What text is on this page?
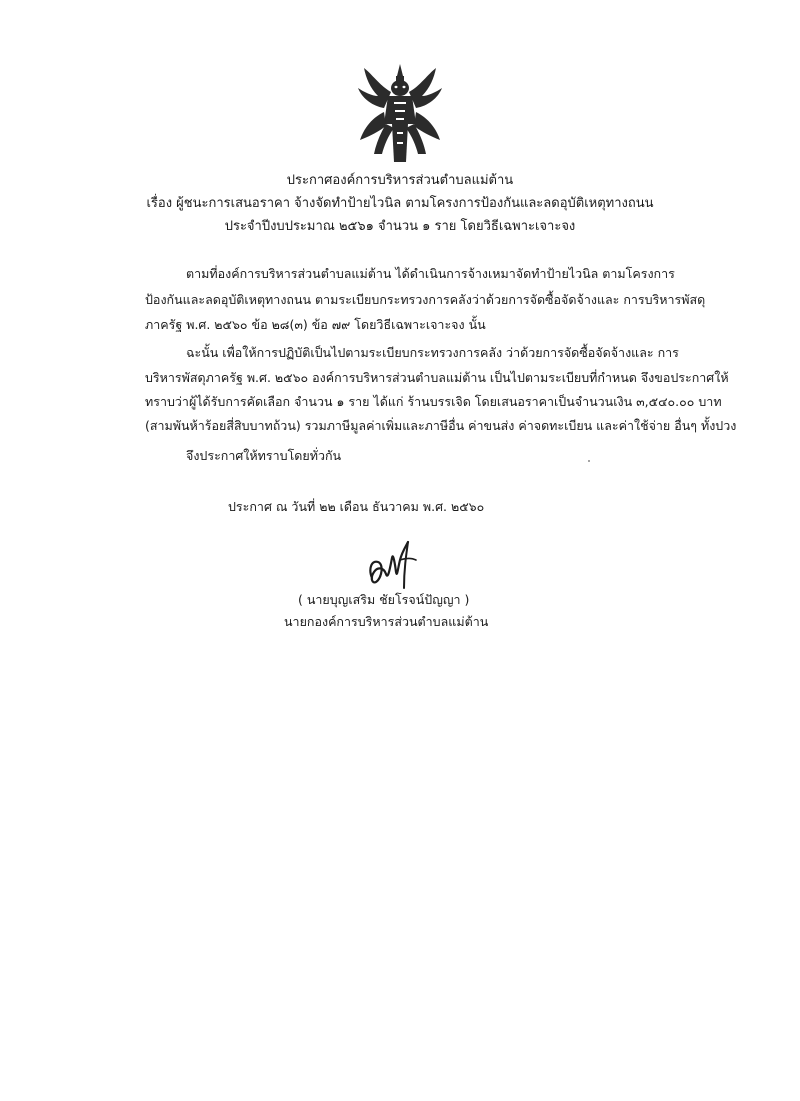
ประกาศองค์การบริหารส่วนตำบลแม่ต้าน
เรื่อง ผู้ชนะการเสนอราคา จ้างจัดทำป้ายไวนิล ตามโครงการป้องกันและลดอุบัติเหตุทางถนน
ประจำปีงบประมาณ ๒๕๖๑ จำนวน ๑ ราย โดยวิธีเฉพาะเจาะจง
ตามที่องค์การบริหารส่วนตำบลแม่ต้าน ได้ดำเนินการจ้างเหมาจัดทำป้ายไวนิล ตามโครงการ
ป้องกันและลดอุบัติเหตุทางถนน ตามระเบียบกระทรวงการคลังว่าด้วยการจัดซื้อจัดจ้างและ การบริหารพัสดุ
ภาครัฐ พ.ศ. ๒๕๖๐ ข้อ ๒๘(๓) ข้อ ๗๙ โดยวิธีเฉพาะเจาะจง นั้น
ฉะนั้น เพื่อให้การปฏิบัติเป็นไปตามระเบียบกระทรวงการคลัง ว่าด้วยการจัดซื้อจัดจ้างและ การ
บริหารพัสดุภาครัฐ พ.ศ. ๒๕๖๐ องค์การบริหารส่วนตำบลแม่ต้าน เป็นไปตามระเบียบที่กำหนด จึงขอประกาศให้
ทราบว่าผู้ได้รับการคัดเลือก จำนวน ๑ ราย ได้แก่ ร้านบรรเจิด โดยเสนอราคาเป็นจำนวนเงิน ๓,๕๔๐.๐๐ บาท
(สามพันห้าร้อยสี่สิบบาทถ้วน) รวมภาษีมูลค่าเพิ่มและภาษีอื่น ค่าขนส่ง ค่าจดทะเบียน และค่าใช้จ่าย อื่นๆ ทั้งปวง
จึงประกาศให้ทราบโดยทั่วกัน
ประกาศ ณ วันที่ ๒๒ เดือน ธันวาคม พ.ศ. ๒๕๖๐
( นายบุญเสริม ชัยโรจน์ปัญญา )
นายกองค์การบริหารส่วนตำบลแม่ต้าน
